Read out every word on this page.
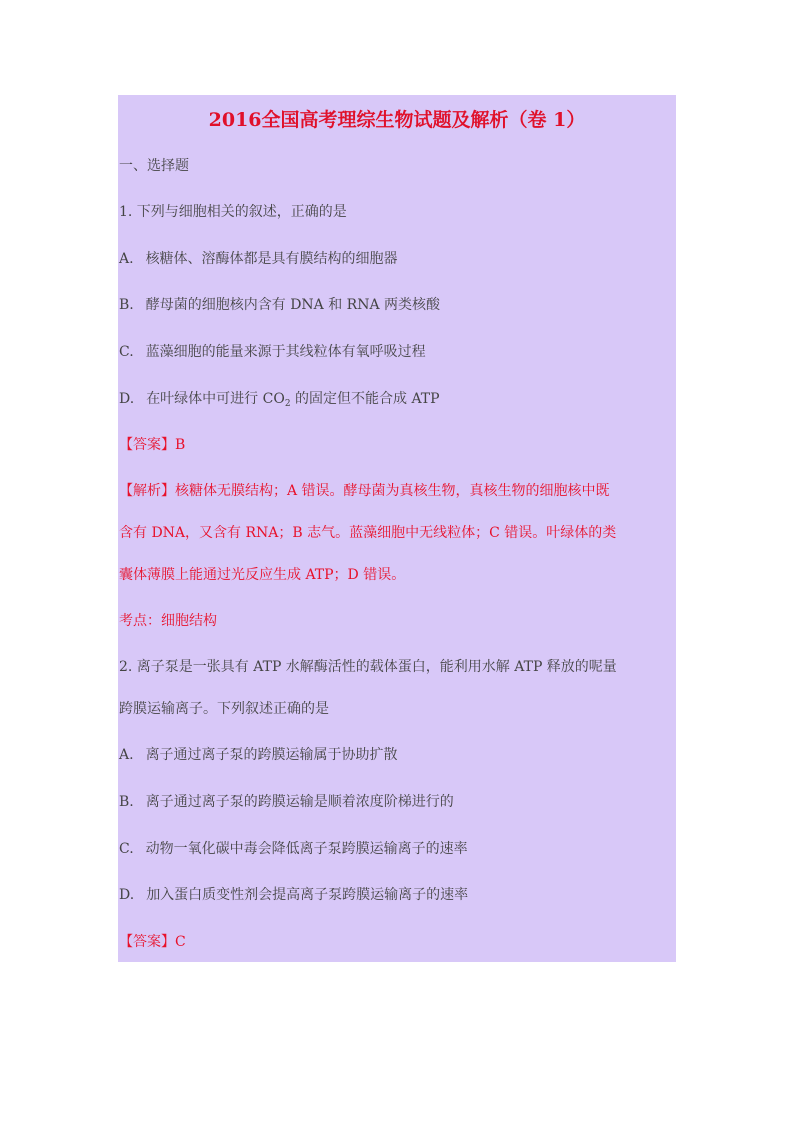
2016全国高考理综生物试题及解析（卷 1）
一、选择题
1. 下列与细胞相关的叙述，正确的是
A. 核糖体、溶酶体都是具有膜结构的细胞器
B. 酵母菌的细胞核内含有 DNA 和 RNA 两类核酸
C. 蓝藻细胞的能量来源于其线粒体有氧呼吸过程
D. 在叶绿体中可进行 $CO_2$ 的固定但不能合成 ATP
【答案】B
【解析】核糖体无膜结构；A 错误。酵母菌为真核生物，真核生物的细胞核中既
含有 DNA，又含有 RNA；B 志气。蓝藻细胞中无线粒体；C 错误。叶绿体的类
囊体薄膜上能通过光反应生成 ATP；D 错误。
考点：细胞结构
2. 离子泵是一张具有 ATP 水解酶活性的载体蛋白，能利用水解 ATP 释放的呢量
跨膜运输离子。下列叙述正确的是
A. 离子通过离子泵的跨膜运输属于协助扩散
B. 离子通过离子泵的跨膜运输是顺着浓度阶梯进行的
C. 动物一氧化碳中毒会降低离子泵跨膜运输离子的速率
D. 加入蛋白质变性剂会提高离子泵跨膜运输离子的速率
【答案】C
